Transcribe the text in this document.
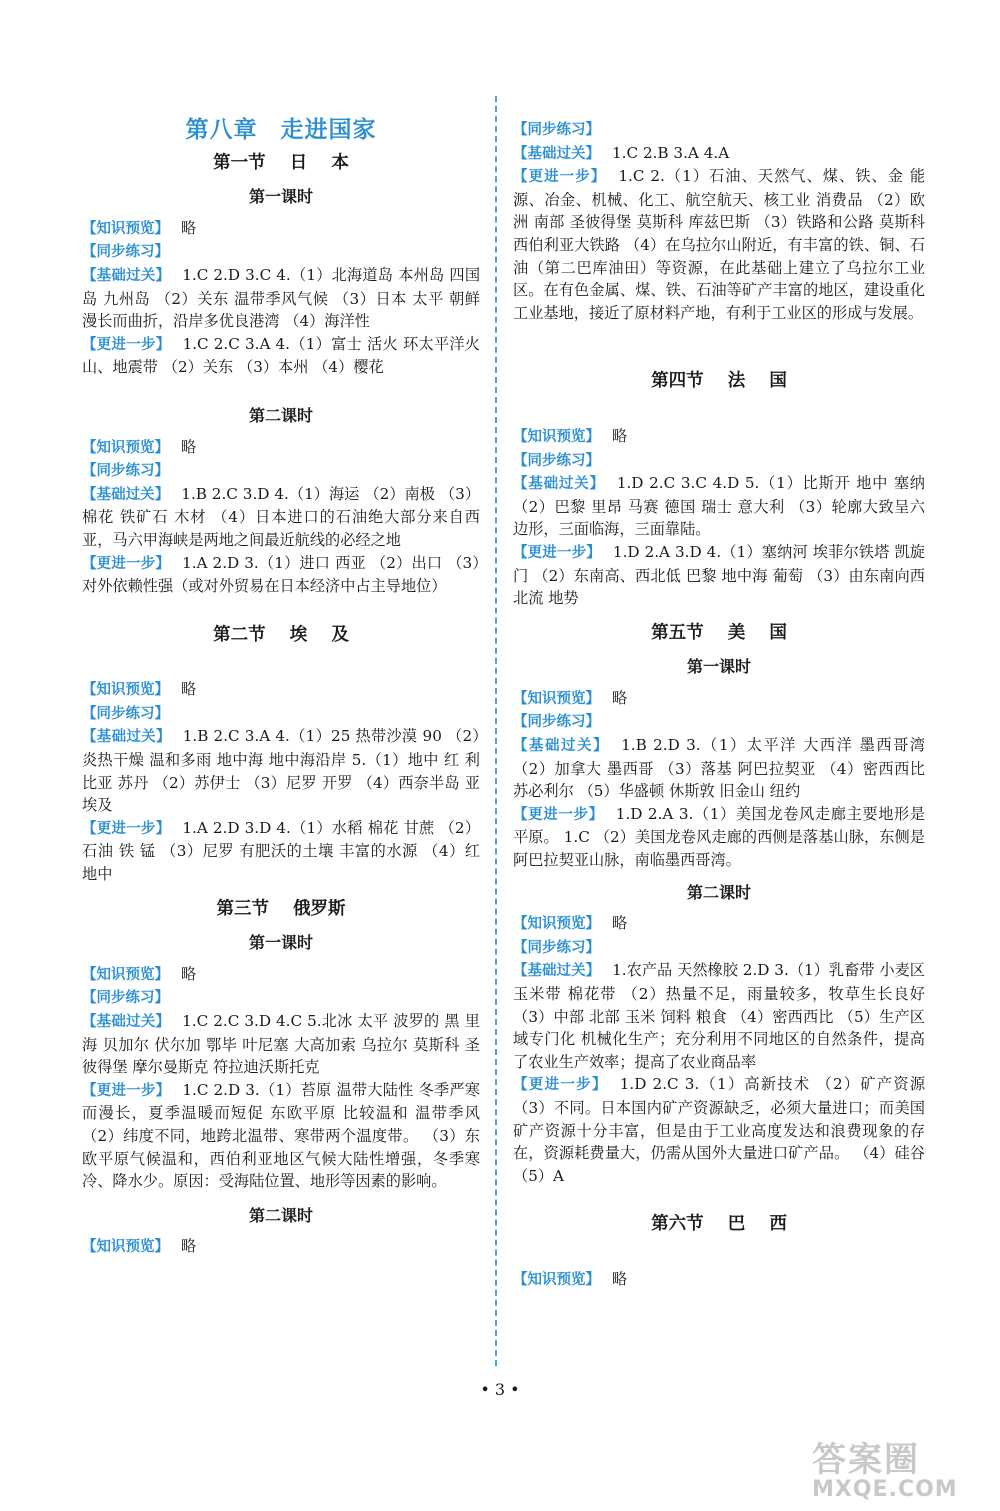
第八章 走进国家
第一节 日 本
第一课时

【知识预览】 略

【同步练习】

【基础过关】 1.C 2.D 3.C 4.（1）北海道岛 本州岛 四国岛 九州岛 （2）关东 温带季风气候 （3）日本 太平 朝鲜 漫长而曲折，沿岸多优良港湾 （4）海洋性

【更进一步】 1.C 2.C 3.A 4.（1）富士 活火 环太平洋火山、地震带 （2）关东 （3）本州 （4）樱花

第二课时

【知识预览】 略

【同步练习】

【基础过关】 1.B 2.C 3.D 4.（1）海运 （2）南极 （3）棉花 铁矿石 木材 （4）日本进口的石油绝大部分来自西亚，马六甲海峡是两地之间最近航线的必经之地

【更进一步】 1.A 2.D 3.（1）进口 西亚 （2）出口 （3）对外依赖性强（或对外贸易在日本经济中占主导地位）

第二节 埃 及

【知识预览】 略

【同步练习】

【基础过关】 1.B 2.C 3.A 4.（1）25 热带沙漠 90 （2）炎热干燥 温和多雨 地中海 地中海沿岸 5.（1）地中 红 利比亚 苏丹 （2）苏伊士 （3）尼罗 开罗 （4）西奈半岛 亚 埃及

【更进一步】 1.A 2.D 3.D 4.（1）水稻 棉花 甘蔗 （2）石油 铁 锰 （3）尼罗 有肥沃的土壤 丰富的水源 （4）红 地中

第三节 俄罗斯
第一课时

【知识预览】 略

【同步练习】

【基础过关】 1.C 2.C 3.D 4.C 5.北冰 太平 波罗的 黑 里海 贝加尔 伏尔加 鄂毕 叶尼塞 大高加索 乌拉尔 莫斯科 圣彼得堡 摩尔曼斯克 符拉迪沃斯托克

【更进一步】 1.C 2.D 3.（1）苔原 温带大陆性 冬季严寒而漫长，夏季温暖而短促 东欧平原 比较温和 温带季风 （2）纬度不同，地跨北温带、寒带两个温度带。 （3）东欧平原气候温和，西伯利亚地区气候大陆性增强，冬季寒冷、降水少。原因：受海陆位置、地形等因素的影响。

第二课时

【知识预览】 略

【同步练习】

【基础过关】 1.C 2.B 3.A 4.A

【更进一步】 1.C 2.（1）石油、天然气、煤、铁、金 能源、冶金、机械、化工、航空航天、核工业 消费品 （2）欧洲 南部 圣彼得堡 莫斯科 库兹巴斯 （3）铁路和公路 莫斯科 西伯利亚大铁路 （4）在乌拉尔山附近，有丰富的铁、铜、石油（第二巴库油田）等资源，在此基础上建立了乌拉尔工业区。在有色金属、煤、铁、石油等矿产丰富的地区，建设重化工业基地，接近了原材料产地，有利于工业区的形成与发展。

第四节 法 国

【知识预览】 略

【同步练习】

【基础过关】 1.D 2.C 3.C 4.D 5.（1）比斯开 地中 塞纳 （2）巴黎 里昂 马赛 德国 瑞士 意大利 （3）轮廓大致呈六边形，三面临海，三面靠陆。

【更进一步】 1.D 2.A 3.D 4.（1）塞纳河 埃菲尔铁塔 凯旋门 （2）东南高、西北低 巴黎 地中海 葡萄 （3）由东南向西北流 地势

第五节 美 国
第一课时

【知识预览】 略

【同步练习】

【基础过关】 1.B 2.D 3.（1）太平洋 大西洋 墨西哥湾 （2）加拿大 墨西哥 （3）落基 阿巴拉契亚 （4）密西西比 苏必利尔 （5）华盛顿 休斯敦 旧金山 纽约

【更进一步】 1.D 2.A 3.（1）美国龙卷风走廊主要地形是平原。 1.C （2）美国龙卷风走廊的西侧是落基山脉，东侧是阿巴拉契亚山脉，南临墨西哥湾。

第二课时

【知识预览】 略

【同步练习】

【基础过关】 1.农产品 天然橡胶 2.D 3.（1）乳畜带 小麦区 玉米带 棉花带 （2）热量不足，雨量较多，牧草生长良好 （3）中部 北部 玉米 饲料 粮食 （4）密西西比 （5）生产区域专门化 机械化生产；充分利用不同地区的自然条件，提高了农业生产效率；提高了农业商品率

【更进一步】 1.D 2.C 3.（1）高新技术 （2）矿产资源 （3）不同。日本国内矿产资源缺乏，必须大量进口；而美国矿产资源十分丰富，但是由于工业高度发达和浪费现象的存在，资源耗费量大，仍需从国外大量进口矿产品。 （4）硅谷 （5）A

第六节 巴 西

【知识预览】 略

• 3 •
答案圈
MXQE.COM
